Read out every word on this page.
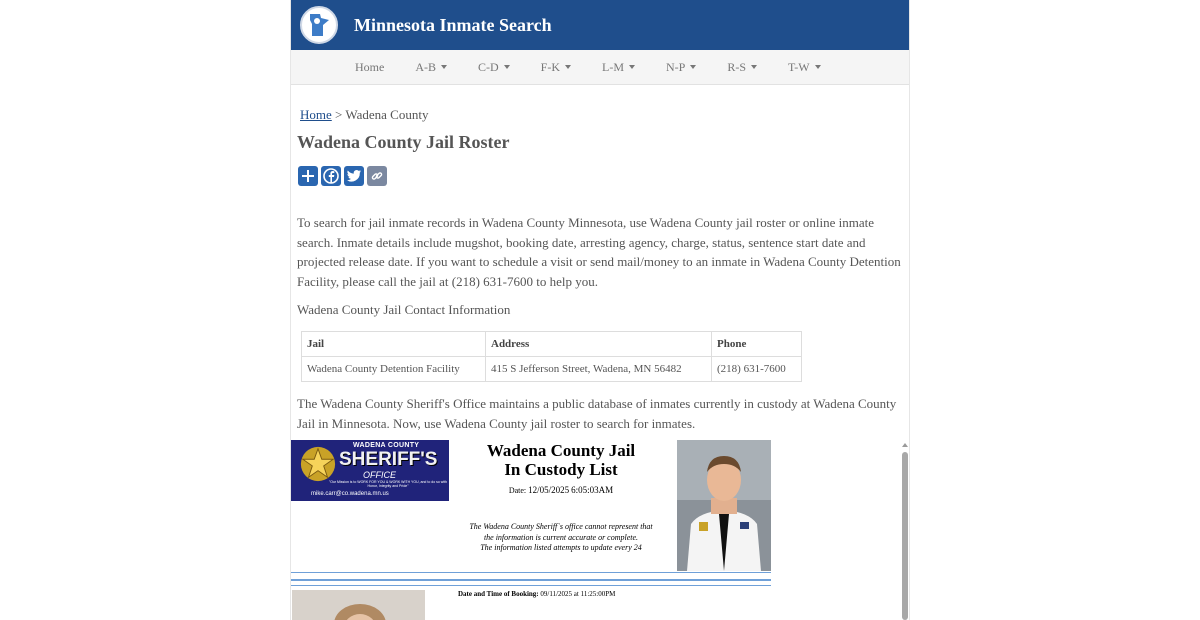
Minnesota Inmate Search
Home	A-B	C-D	F-K	L-M	N-P	R-S	T-W
Home > Wadena County
Wadena County Jail Roster

To search for jail inmate records in Wadena County Minnesota, use Wadena County jail roster or online inmate search. Inmate details include mugshot, booking date, arresting agency, charge, status, sentence start date and projected release date. If you want to schedule a visit or send mail/money to an inmate in Wadena County Detention Facility, please call the jail at (218) 631-7600 to help you.

Wadena County Jail Contact Information

Jail	Address	Phone
Wadena County Detention Facility	415 S Jefferson Street, Wadena, MN 56482	(218) 631-7600

The Wadena County Sheriff's Office maintains a public database of inmates currently in custody at Wadena County Jail in Minnesota. Now, use Wadena County jail roster to search for inmates.

WADENA COUNTY
SHERIFF'S
OFFICE
"Our Mission is to WORK FOR YOU & WORK WITH YOU, and to do so with Honor, Integrity and Pride"
mike.carr@co.wadena.mn.us
Wadena County Jail
In Custody List
Date: 12/05/2025 6:05:03AM
The Wadena County Sheriff`s office cannot represent that
the information is current accurate or complete.
The information listed attempts to update every 24
Date and Time of Booking: 09/11/2025 at 11:25:00PM
